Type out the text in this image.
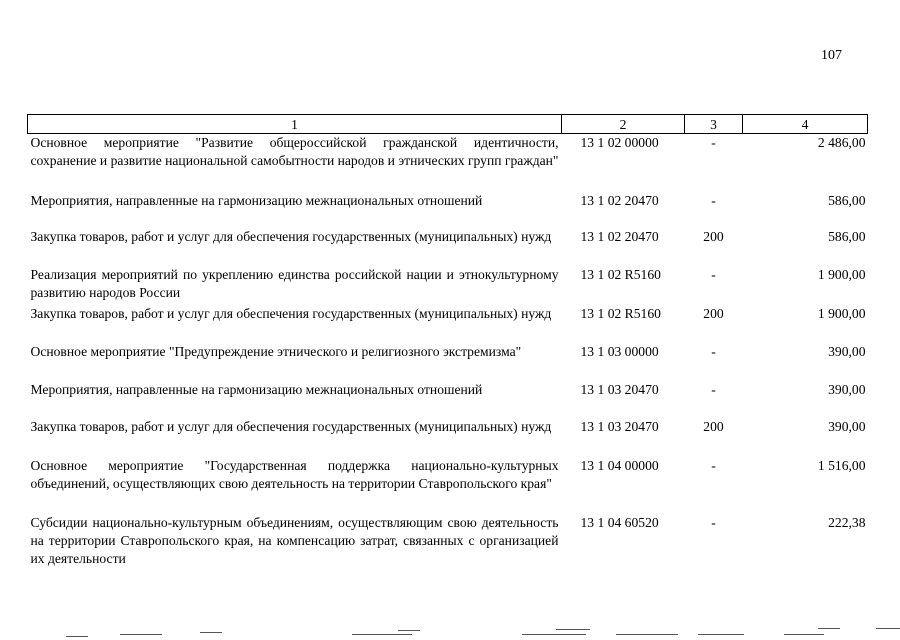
107
1	2	3	4
Основное мероприятие "Развитие общероссийской гражданской идентичности, сохранение и развитие национальной самобытности народов и этнических групп граждан"	13 1 02 00000	-	2 486,00
Мероприятия, направленные на гармонизацию межнациональных отношений	13 1 02 20470	-	586,00
Закупка товаров, работ и услуг для обеспечения государственных (муниципальных) нужд	13 1 02 20470	200	586,00
Реализация мероприятий по укреплению единства российской нации и этнокультурному развитию народов России	13 1 02 R5160	-	1 900,00
Закупка товаров, работ и услуг для обеспечения государственных (муниципальных) нужд	13 1 02 R5160	200	1 900,00
Основное мероприятие "Предупреждение этнического и религиозного экстремизма"	13 1 03 00000	-	390,00
Мероприятия, направленные на гармонизацию межнациональных отношений	13 1 03 20470	-	390,00
Закупка товаров, работ и услуг для обеспечения государственных (муниципальных) нужд	13 1 03 20470	200	390,00
Основное мероприятие "Государственная поддержка национально-культурных объединений, осуществляющих свою деятельность на территории Ставропольского края"	13 1 04 00000	-	1 516,00
Субсидии национально-культурным объединениям, осуществляющим свою деятельность на территории Ставропольского края, на компенсацию затрат, связанных с организацией их деятельности	13 1 04 60520	-	222,38
